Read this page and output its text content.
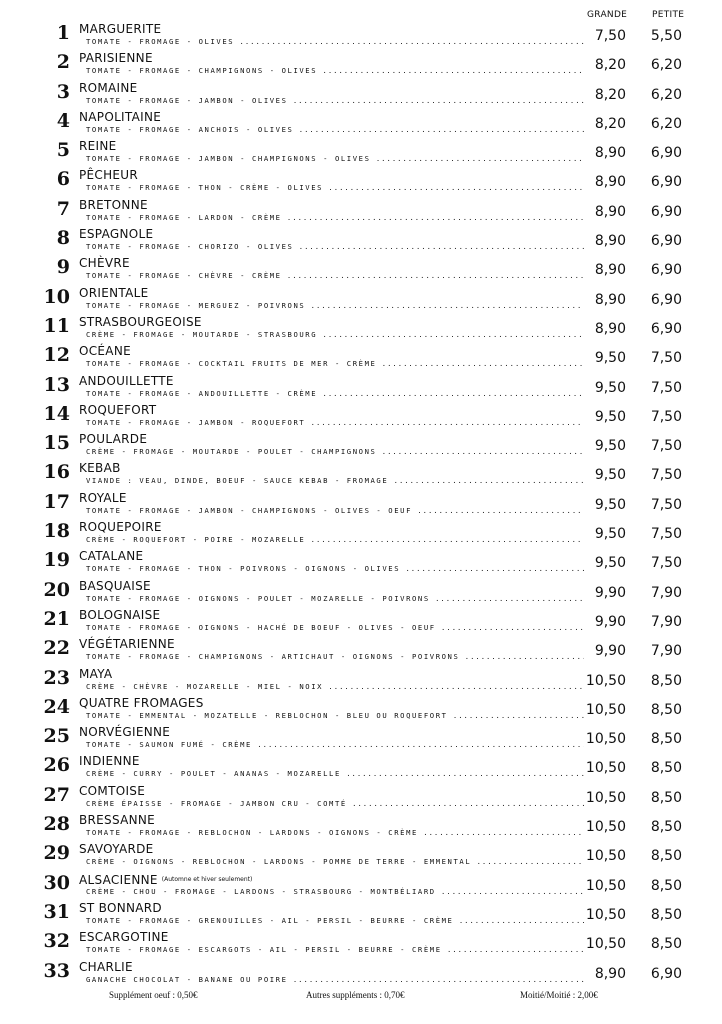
GRANDE	PETITE
1 MARGUERITE
TOMATE - FROMAGE - OLIVES .....	7,50	5,50
2 PARISIENNE
TOMATE - FROMAGE - CHAMPIGNONS - OLIVES .....	8,20	6,20
3 ROMAINE
TOMATE - FROMAGE - JAMBON - OLIVES .....	8,20	6,20
4 NAPOLITAINE
TOMATE - FROMAGE - ANCHOIS - OLIVES .....	8,20	6,20
5 REINE
TOMATE - FROMAGE - JAMBON - CHAMPIGNONS - OLIVES .....	8,90	6,90
6 PÊCHEUR
TOMATE - FROMAGE - THON - CRÈME - OLIVES .....	8,90	6,90
7 BRETONNE
TOMATE - FROMAGE - LARDON - CRÈME .....	8,90	6,90
8 ESPAGNOLE
TOMATE - FROMAGE - CHORIZO - OLIVES .....	8,90	6,90
9 CHÈVRE
TOMATE - FROMAGE - CHÈVRE - CRÈME .....	8,90	6,90
10 ORIENTALE
TOMATE - FROMAGE - MERGUEZ - POIVRONS .....	8,90	6,90
11 STRASBOURGEOISE
CRÈME - FROMAGE - MOUTARDE - STRASBOURG .....	8,90	6,90
12 OCÉANE
TOMATE - FROMAGE - COCKTAIL FRUITS DE MER - CRÈME .....	9,50	7,50
13 ANDOUILLETTE
TOMATE - FROMAGE - ANDOUILLETTE - CRÈME .....	9,50	7,50
14 ROQUEFORT
TOMATE - FROMAGE - JAMBON - ROQUEFORT .....	9,50	7,50
15 POULARDE
CRÈME - FROMAGE - MOUTARDE - POULET - CHAMPIGNONS .....	9,50	7,50
16 KEBAB
VIANDE : VEAU, DINDE, BOEUF - SAUCE KEBAB - FROMAGE .....	9,50	7,50
17 ROYALE
TOMATE - FROMAGE - JAMBON - CHAMPIGNONS - OLIVES - OEUF .....	9,50	7,50
18 ROQUEPOIRE
CRÈME - ROQUEFORT - POIRE - MOZARELLE .....	9,50	7,50
19 CATALANE
TOMATE - FROMAGE - THON - POIVRONS - OIGNONS - OLIVES .....	9,50	7,50
20 BASQUAISE
TOMATE - FROMAGE - OIGNONS - POULET - MOZARELLE - POIVRONS .....	9,90	7,90
21 BOLOGNAISE
TOMATE - FROMAGE - OIGNONS - HACHÉ DE BOEUF - OLIVES - OEUF .....	9,90	7,90
22 VÉGÉTARIENNE
TOMATE - FROMAGE - CHAMPIGNONS - ARTICHAUT - OIGNONS - POIVRONS .....	9,90	7,90
23 MAYA
CRÈME - CHÈVRE - MOZARELLE - MIEL - NOIX .....	10,50	8,50
24 QUATRE FROMAGES
TOMATE - EMMENTAL - MOZATELLE - REBLOCHON - BLEU OU ROQUEFORT .....	10,50	8,50
25 NORVÉGIENNE
TOMATE - SAUMON FUMÉ - CRÈME .....	10,50	8,50
26 INDIENNE
CRÈME - CURRY - POULET - ANANAS - MOZARELLE .....	10,50	8,50
27 COMTOISE
CRÈME ÉPAISSE - FROMAGE - JAMBON CRU - COMTÉ .....	10,50	8,50
28 BRESSANNE
TOMATE - FROMAGE - REBLOCHON - LARDONS - OIGNONS - CRÈME .....	10,50	8,50
29 SAVOYARDE
CRÈME - OIGNONS - REBLOCHON - LARDONS - POMME DE TERRE - EMMENTAL .....	10,50	8,50
30 ALSACIENNE $^{(Automne et hiver seulement)}$
CRÈME - CHOU - FROMAGE - LARDONS - STRASBOURG - MONTBÉLIARD .....	10,50	8,50
31 ST BONNARD
TOMATE - FROMAGE - GRENOUILLES - AIL - PERSIL - BEURRE - CRÈME .....	10,50	8,50
32 ESCARGOTINE
TOMATE - FROMAGE - ESCARGOTS - AIL - PERSIL - BEURRE - CRÈME .....	10,50	8,50
33 CHARLIE
GANACHE CHOCOLAT - BANANE OU POIRE .....	8,90	6,90
Supplément oeuf : 0,50€	Autres suppléments : 0,70€	Moitié/Moitié : 2,00€
